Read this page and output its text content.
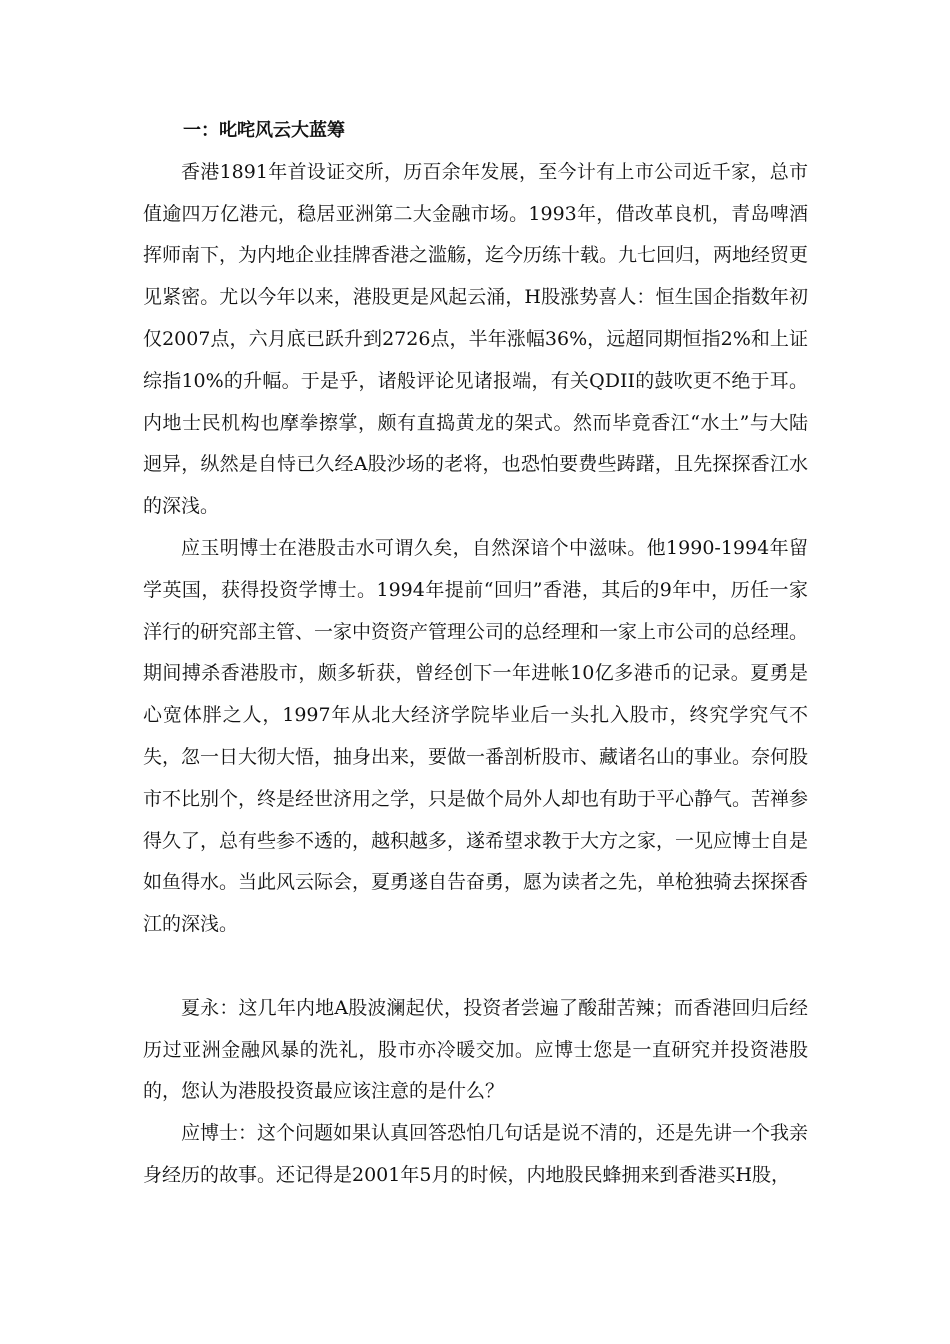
一：叱咤风云大蓝筹

香港1891年首设证交所，历百余年发展，至今计有上市公司近千家，总市值逾四万亿港元，稳居亚洲第二大金融市场。1993年，借改革良机，青岛啤酒挥师南下，为内地企业挂牌香港之滥觞，迄今历练十载。九七回归，两地经贸更见紧密。尤以今年以来，港股更是风起云涌，H股涨势喜人：恒生国企指数年初仅2007点，六月底已跃升到2726点，半年涨幅36%，远超同期恒指2%和上证综指10%的升幅。于是乎，诸般评论见诸报端，有关QDII的鼓吹更不绝于耳。内地士民机构也摩拳擦掌，颇有直捣黄龙的架式。然而毕竟香江“水土”与大陆迥异，纵然是自恃已久经A股沙场的老将，也恐怕要费些踌躇，且先探探香江水的深浅。

应玉明博士在港股击水可谓久矣，自然深谙个中滋味。他1990-1994年留学英国，获得投资学博士。1994年提前“回归”香港，其后的9年中，历任一家洋行的研究部主管、一家中资资产管理公司的总经理和一家上市公司的总经理。期间搏杀香港股市，颇多斩获，曾经创下一年进帐10亿多港币的记录。夏勇是心宽体胖之人，1997年从北大经济学院毕业后一头扎入股市，终究学究气不失，忽一日大彻大悟，抽身出来，要做一番剖析股市、藏诸名山的事业。奈何股市不比别个，终是经世济用之学，只是做个局外人却也有助于平心静气。苦禅参得久了，总有些参不透的，越积越多，遂希望求教于大方之家，一见应博士自是如鱼得水。当此风云际会，夏勇遂自告奋勇，愿为读者之先，单枪独骑去探探香江的深浅。

夏永：这几年内地A股波澜起伏，投资者尝遍了酸甜苦辣；而香港回归后经历过亚洲金融风暴的洗礼，股市亦冷暖交加。应博士您是一直研究并投资港股的，您认为港股投资最应该注意的是什么？

应博士：这个问题如果认真回答恐怕几句话是说不清的，还是先讲一个我亲身经历的故事。还记得是2001年5月的时候，内地股民蜂拥来到香港买H股，
